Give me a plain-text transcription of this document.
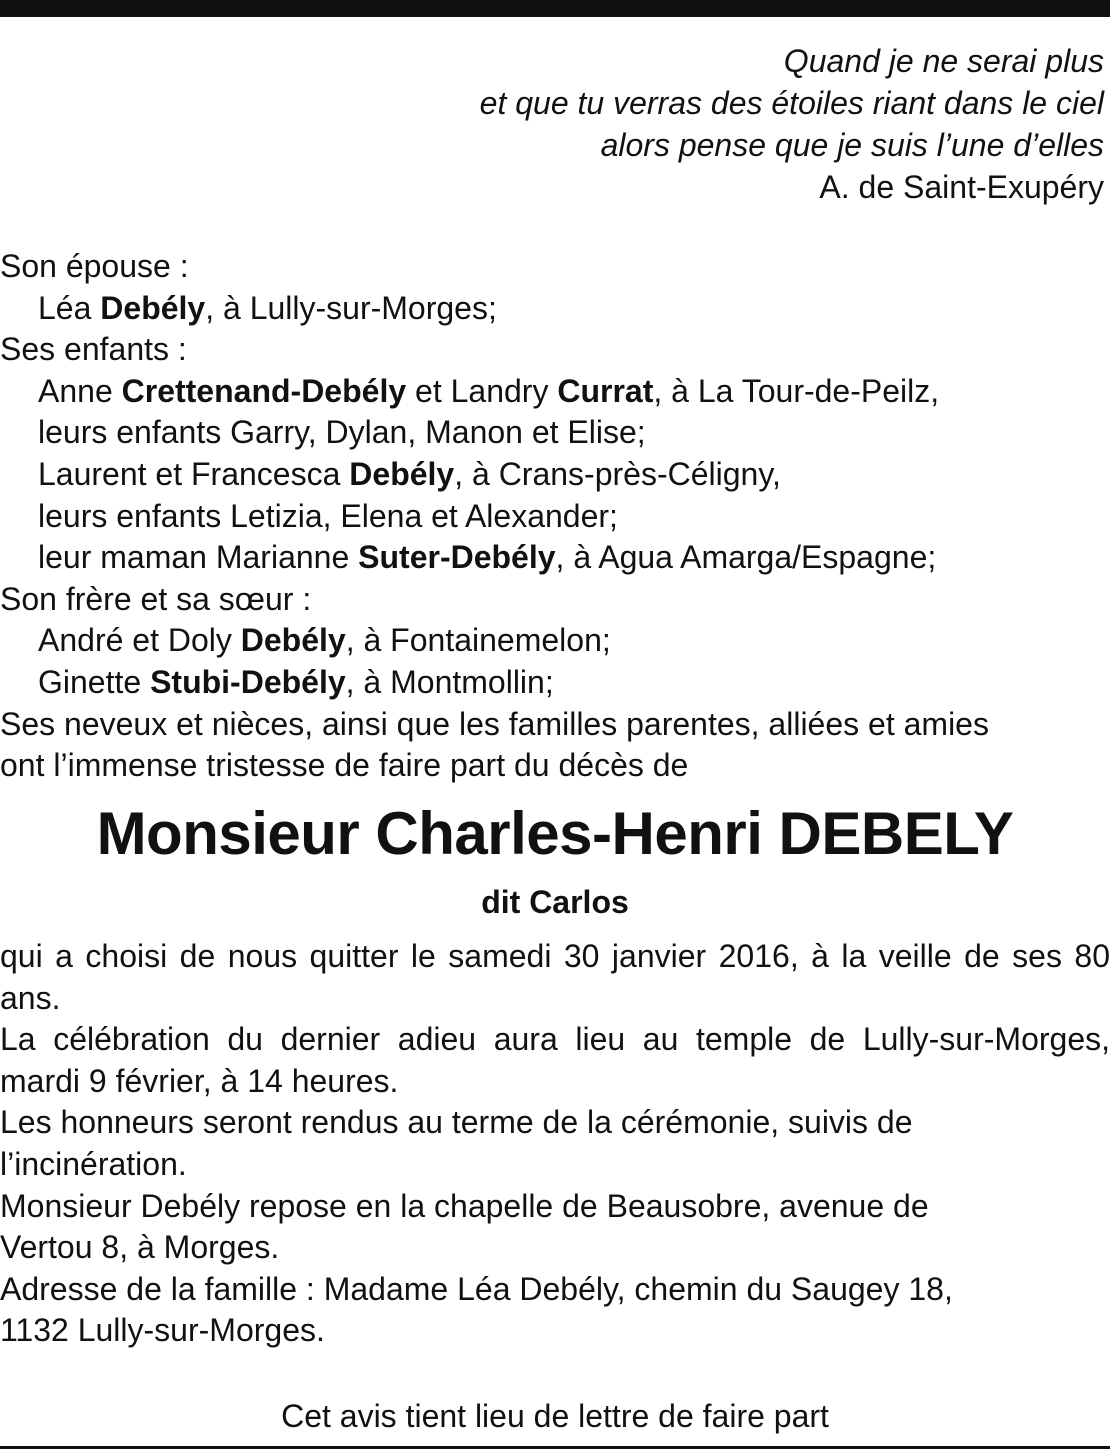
Quand je ne serai plus
et que tu verras des étoiles riant dans le ciel
alors pense que je suis l’une d’elles
A. de Saint-Exupéry
Son épouse :
Léa Debély, à Lully-sur-Morges;
Ses enfants :
Anne Crettenand-Debély et Landry Currat, à La Tour-de-Peilz,
leurs enfants Garry, Dylan, Manon et Elise;
Laurent et Francesca Debély, à Crans-près-Céligny,
leurs enfants Letizia, Elena et Alexander;
leur maman Marianne Suter-Debély, à Agua Amarga/Espagne;
Son frère et sa sœur :
André et Doly Debély, à Fontainemelon;
Ginette Stubi-Debély, à Montmollin;
Ses neveux et nièces, ainsi que les familles parentes, alliées et amies
ont l’immense tristesse de faire part du décès de
Monsieur Charles-Henri DEBELY
dit Carlos
qui a choisi de nous quitter le samedi 30 janvier 2016, à la veille de ses 80 ans.
La célébration du dernier adieu aura lieu au temple de Lully-sur-Morges, mardi 9 février, à 14 heures.
Les honneurs seront rendus au terme de la cérémonie, suivis de
l’incinération.
Monsieur Debély repose en la chapelle de Beausobre, avenue de
Vertou 8, à Morges.
Adresse de la famille : Madame Léa Debély, chemin du Saugey 18,
1132 Lully-sur-Morges.
Cet avis tient lieu de lettre de faire part
